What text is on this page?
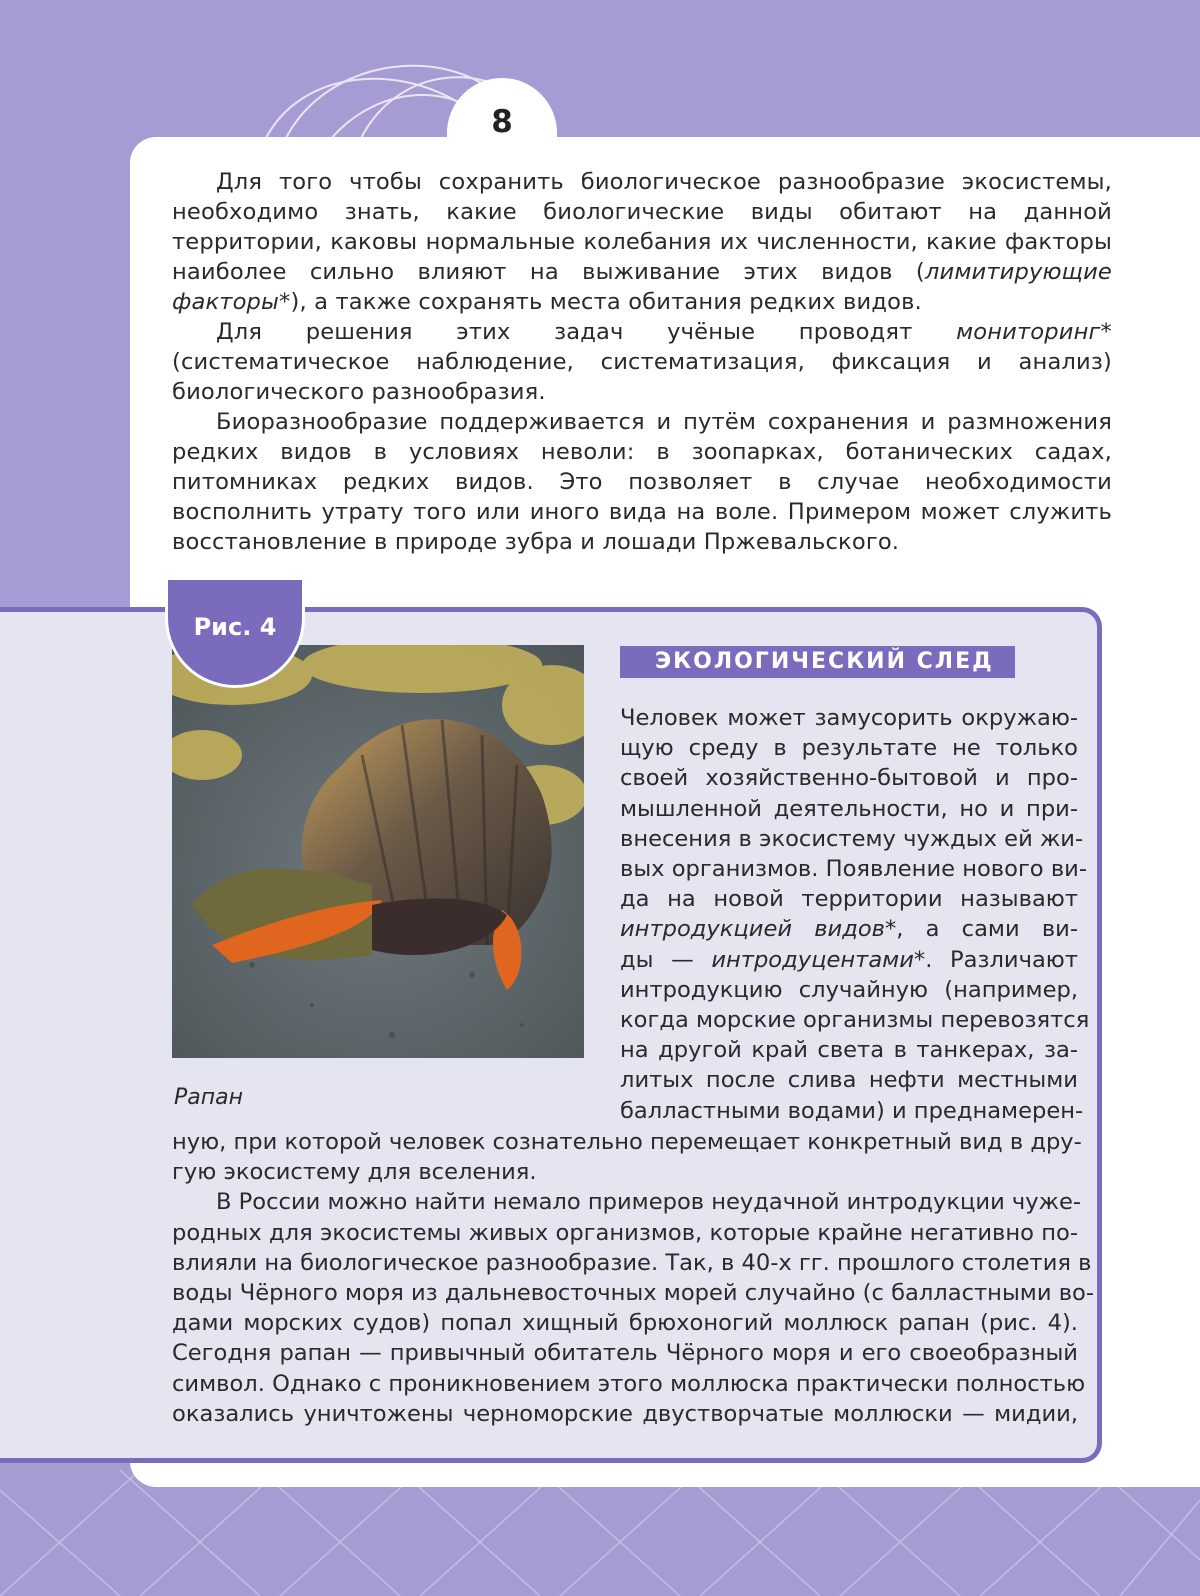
8

Для того чтобы сохранить биологическое разнообразие экосистемы, необходимо знать, какие биологические виды обитают на данной территории, каковы нормальные колебания их численности, какие факторы наиболее сильно влияют на выживание этих видов (лимитирующие факторы*), а также сохранять места обитания редких видов.

Для решения этих задач учёные проводят мониторинг* (систематическое наблюдение, систематизация, фиксация и анализ) биологического разнообразия.

Биоразнообразие поддерживается и путём сохранения и размножения редких видов в условиях неволи: в зоопарках, ботанических садах, питомниках редких видов. Это позволяет в случае необходимости восполнить утрату того или иного вида на воле. Примером может служить восстановление в природе зубра и лошади Пржевальского.

Рис. 4
Рапан
ЭКОЛОГИЧЕСКИЙ СЛЕД
Человек может замусорить окружаю-
щую среду в результате не только
своей хозяйственно-бытовой и про-
мышленной деятельности, но и при-
внесения в экосистему чуждых ей жи-
вых организмов. Появление нового ви-
да на новой территории называют
интродукцией видов*, а сами ви-
ды — интродуцентами*. Различают
интродукцию случайную (например,
когда морские организмы перевозятся
на другой край света в танкерах, за-
литых после слива нефти местными
балластными водами) и преднамерен-
ную, при которой человек сознательно перемещает конкретный вид в дру-
гую экосистему для вселения.
В России можно найти немало примеров неудачной интродукции чуже-
родных для экосистемы живых организмов, которые крайне негативно по-
влияли на биологическое разнообразие. Так, в 40-х гг. прошлого столетия в
воды Чёрного моря из дальневосточных морей случайно (с балластными во-
дами морских судов) попал хищный брюхоногий моллюск рапан (рис. 4).
Сегодня рапан — привычный обитатель Чёрного моря и его своеобразный
символ. Однако с проникновением этого моллюска практически полностью
оказались уничтожены черноморские двустворчатые моллюски — мидии,
